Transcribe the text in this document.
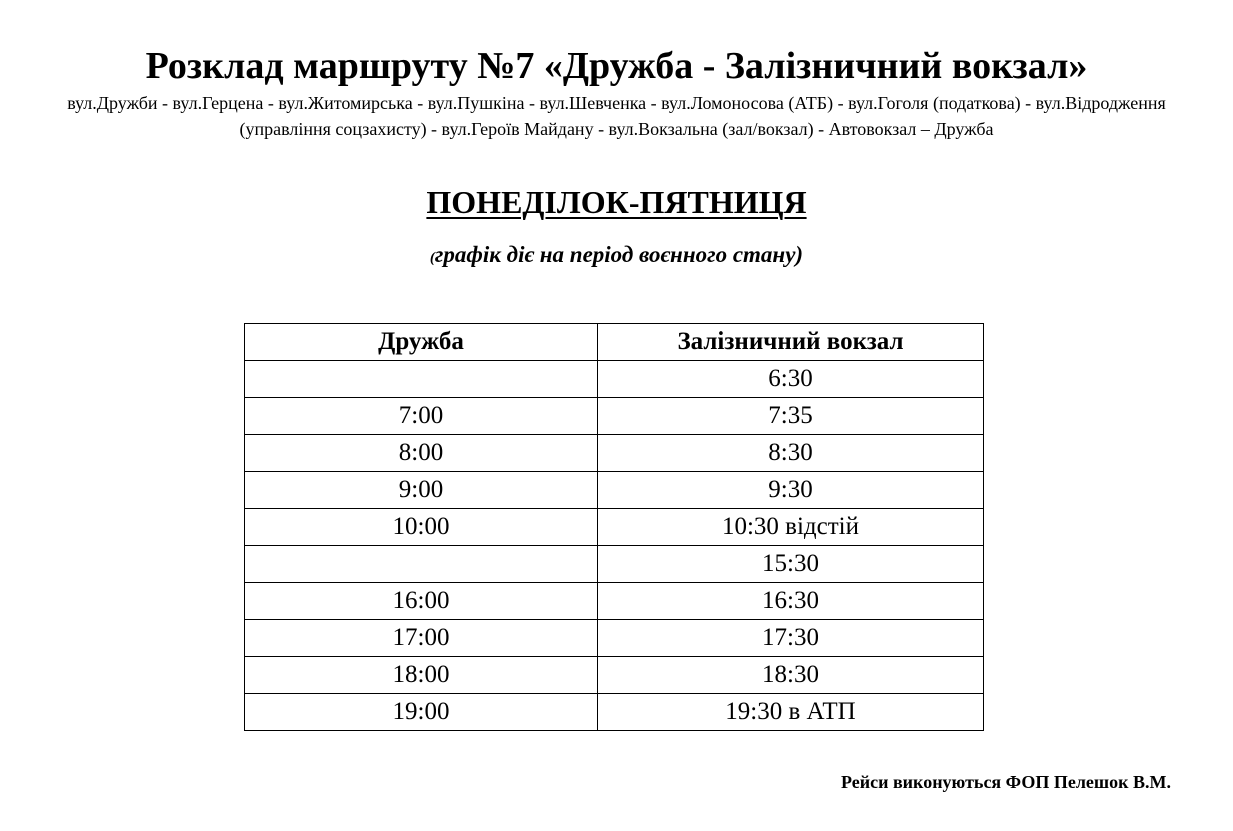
Розклад маршруту №7 «Дружба - Залізничний вокзал»
вул.Дружби - вул.Герцена - вул.Житомирська - вул.Пушкіна - вул.Шевченка - вул.Ломоносова (АТБ) - вул.Гоголя (податкова) - вул.Відродження (управління соцзахисту) - вул.Героїв Майдану - вул.Вокзальна (зал/вокзал) - Автовокзал – Дружба
ПОНЕДІЛОК-ПЯТНИЦЯ
(графік діє на період воєнного стану)
Дружба	Залізничний вокзал
	6:30
7:00	7:35
8:00	8:30
9:00	9:30
10:00	10:30 відстій
	15:30
16:00	16:30
17:00	17:30
18:00	18:30
19:00	19:30 в АТП
Рейси виконуються ФОП Пелешок В.М.
